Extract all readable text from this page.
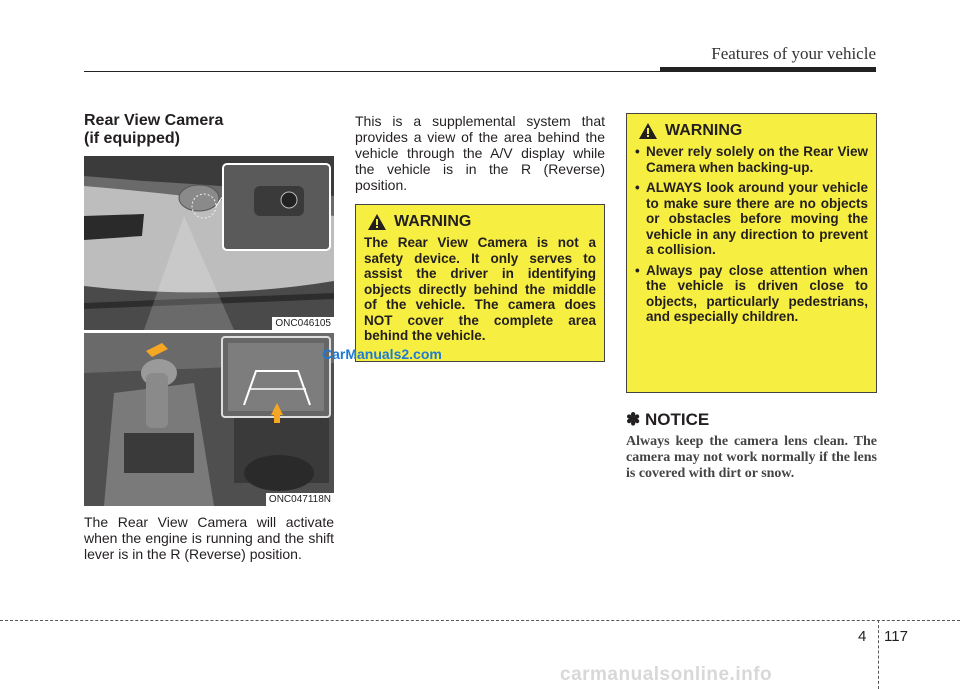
Features of your vehicle
Rear View Camera
(if equipped)
ONC046105
ONC047118N
The Rear View Camera will activate when the engine is running and the shift lever is in the R (Reverse) position.
This is a supplemental system that provides a view of the area behind the vehicle through the A/V display while the vehicle is in the R (Reverse) position.
WARNING
The Rear View Camera is not a safety device. It only serves to assist the driver in identifying objects directly behind the middle of the vehicle. The camera does NOT cover the complete area behind the vehicle.
WARNING
• Never rely solely on the Rear View Camera when backing-up.
• ALWAYS look around your vehicle to make sure there are no objects or obstacles before moving the vehicle in any direction to prevent a collision.
• Always pay close attention when the vehicle is driven close to objects, particularly pedestrians, and especially children.
✽ NOTICE
Always keep the camera lens clean. The camera may not work normally if the lens is covered with dirt or snow.
CarManuals2.com
4 117
carmanualsonline.info
